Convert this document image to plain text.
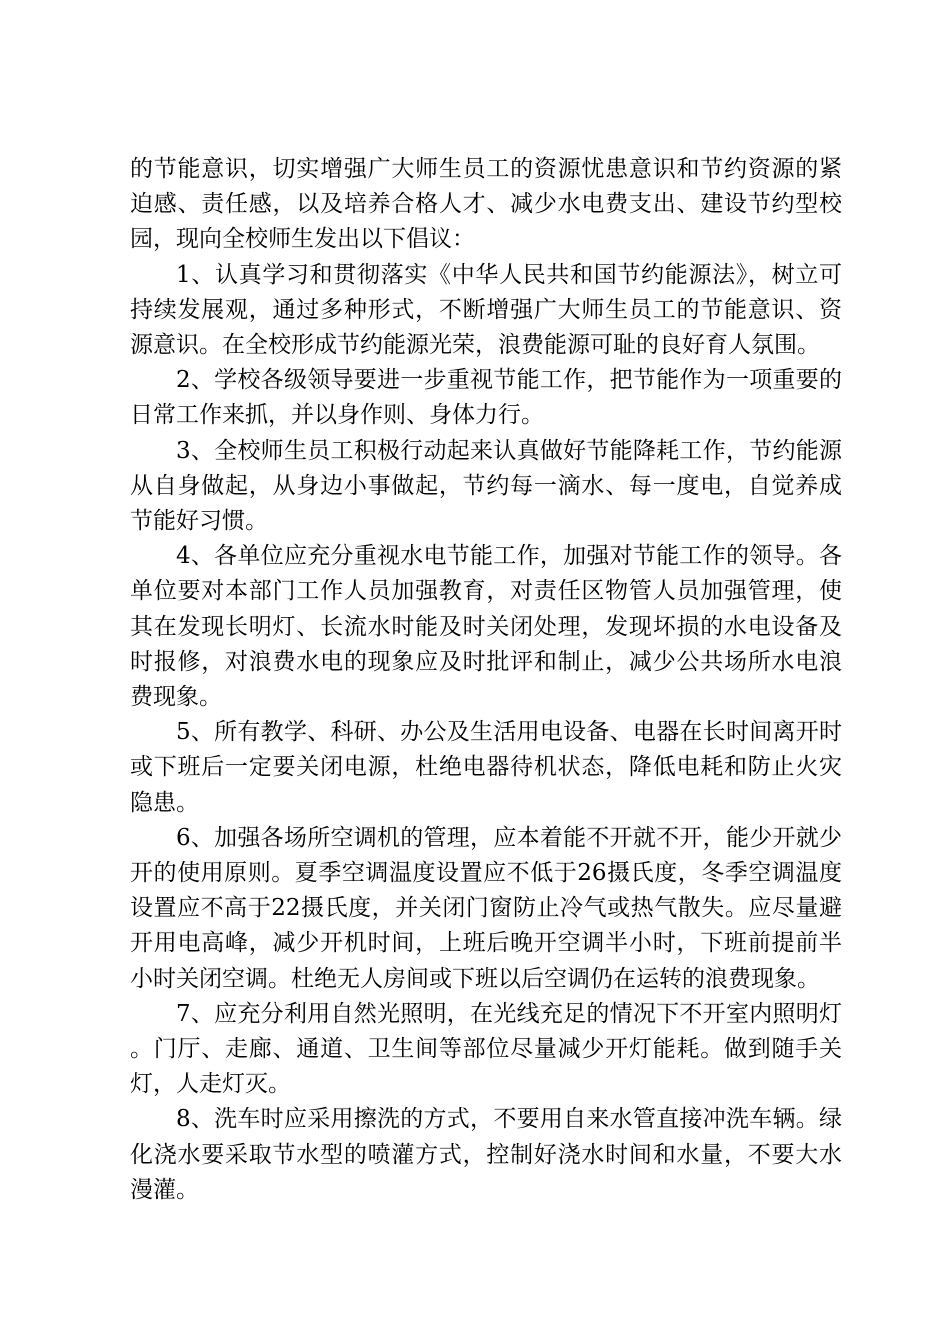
的节能意识，切实增强广大师生员工的资源忧患意识和节约资源的紧迫感、责任感，以及培养合格人才、减少水电费支出、建设节约型校园，现向全校师生发出以下倡议：

1、认真学习和贯彻落实《中华人民共和国节约能源法》，树立可持续发展观，通过多种形式，不断增强广大师生员工的节能意识、资源意识。在全校形成节约能源光荣，浪费能源可耻的良好育人氛围。

2、学校各级领导要进一步重视节能工作，把节能作为一项重要的日常工作来抓，并以身作则、身体力行。

3、全校师生员工积极行动起来认真做好节能降耗工作，节约能源从自身做起，从身边小事做起，节约每一滴水、每一度电，自觉养成节能好习惯。

4、各单位应充分重视水电节能工作，加强对节能工作的领导。各单位要对本部门工作人员加强教育，对责任区物管人员加强管理，使其在发现长明灯、长流水时能及时关闭处理，发现坏损的水电设备及时报修，对浪费水电的现象应及时批评和制止，减少公共场所水电浪费现象。

5、所有教学、科研、办公及生活用电设备、电器在长时间离开时或下班后一定要关闭电源，杜绝电器待机状态，降低电耗和防止火灾隐患。

6、加强各场所空调机的管理，应本着能不开就不开，能少开就少开的使用原则。夏季空调温度设置应不低于26摄氏度，冬季空调温度设置应不高于22摄氏度，并关闭门窗防止冷气或热气散失。应尽量避开用电高峰，减少开机时间，上班后晚开空调半小时，下班前提前半小时关闭空调。杜绝无人房间或下班以后空调仍在运转的浪费现象。

7、应充分利用自然光照明，在光线充足的情况下不开室内照明灯。门厅、走廊、通道、卫生间等部位尽量减少开灯能耗。做到随手关灯，人走灯灭。

8、洗车时应采用擦洗的方式，不要用自来水管直接冲洗车辆。绿化浇水要采取节水型的喷灌方式，控制好浇水时间和水量，不要大水漫灌。
